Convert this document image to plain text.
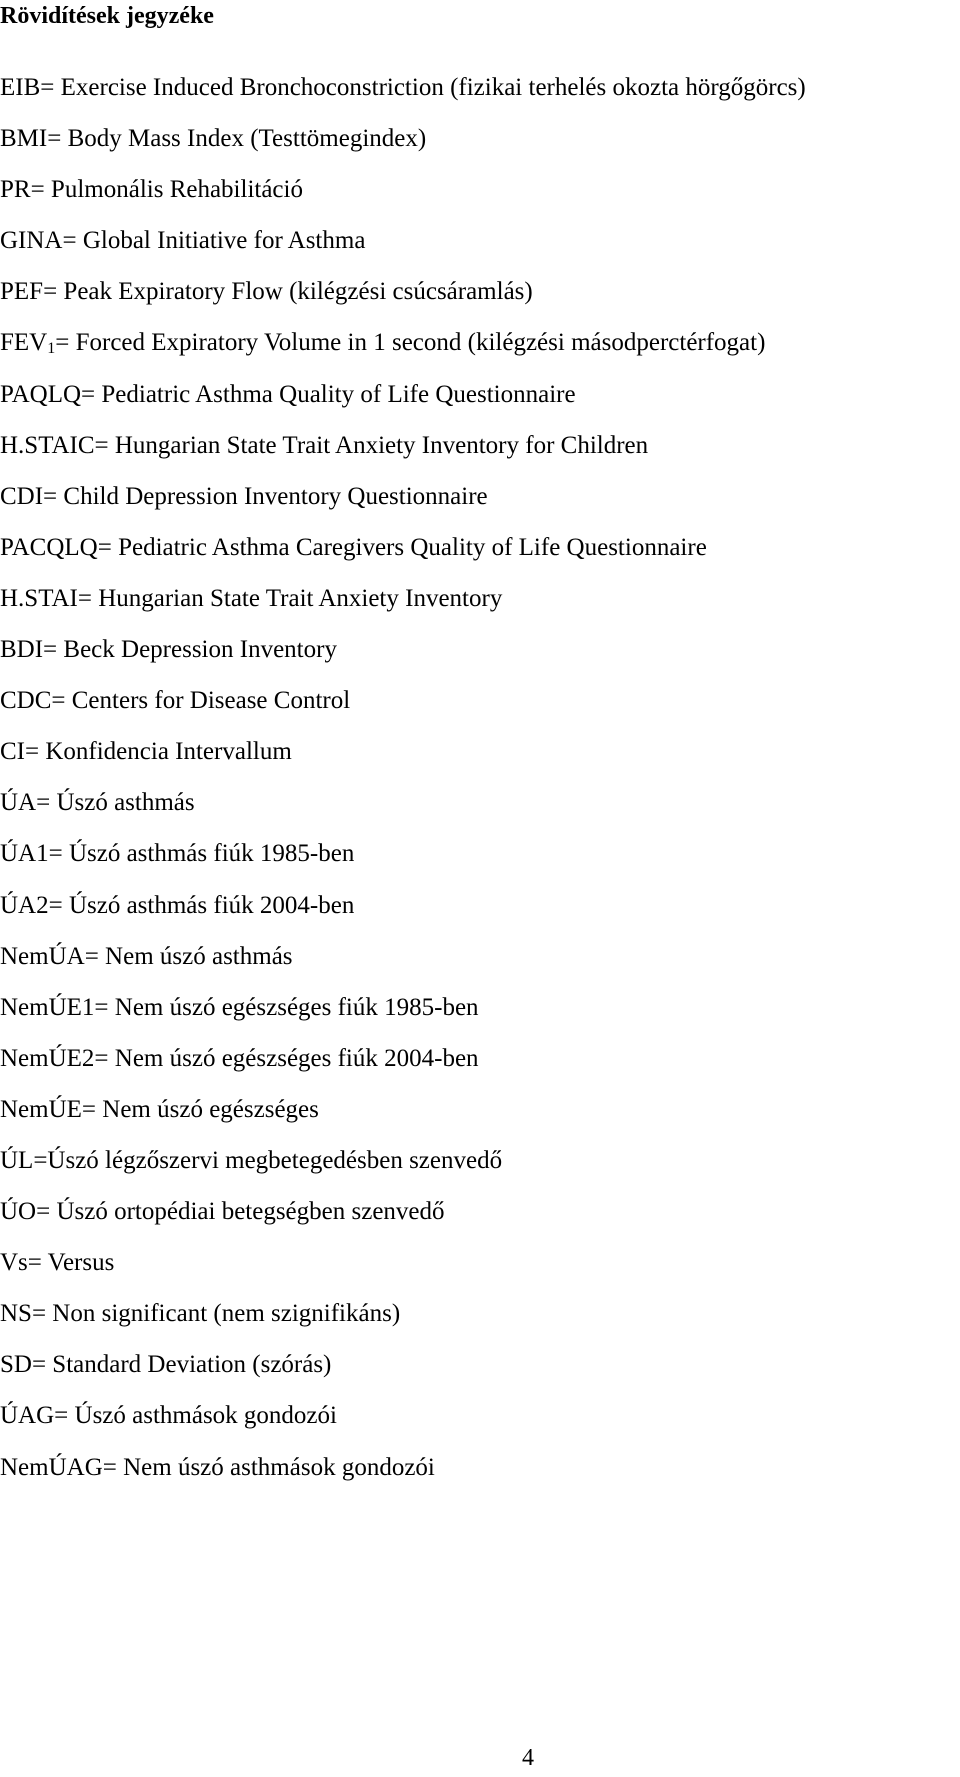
Rövidítések jegyzéke
EIB= Exercise Induced Bronchoconstriction (fizikai terhelés okozta hörgőgörcs)
BMI= Body Mass Index (Testtömegindex)
PR= Pulmonális Rehabilitáció
GINA= Global Initiative for Asthma
PEF= Peak Expiratory Flow (kilégzési csúcsáramlás)
$FEV_1=$ Forced Expiratory Volume in 1 second (kilégzési másodperctérfogat)
PAQLQ= Pediatric Asthma Quality of Life Questionnaire
H.STAIC= Hungarian State Trait Anxiety Inventory for Children
CDI= Child Depression Inventory Questionnaire
PACQLQ= Pediatric Asthma Caregivers Quality of Life Questionnaire
H.STAI= Hungarian State Trait Anxiety Inventory
BDI= Beck Depression Inventory
CDC= Centers for Disease Control
CI= Konfidencia Intervallum
ÚA= Úszó asthmás
ÚA1= Úszó asthmás fiúk 1985-ben
ÚA2= Úszó asthmás fiúk 2004-ben
NemÚA= Nem úszó asthmás
NemÚE1= Nem úszó egészséges fiúk 1985-ben
NemÚE2= Nem úszó egészséges fiúk 2004-ben
NemÚE= Nem úszó egészséges
ÚL=Úszó légzőszervi megbetegedésben szenvedő
ÚO= Úszó ortopédiai betegségben szenvedő
Vs= Versus
NS= Non significant (nem szignifikáns)
SD= Standard Deviation (szórás)
ÚAG= Úszó asthmások gondozói
NemÚAG= Nem úszó asthmások gondozói
4
